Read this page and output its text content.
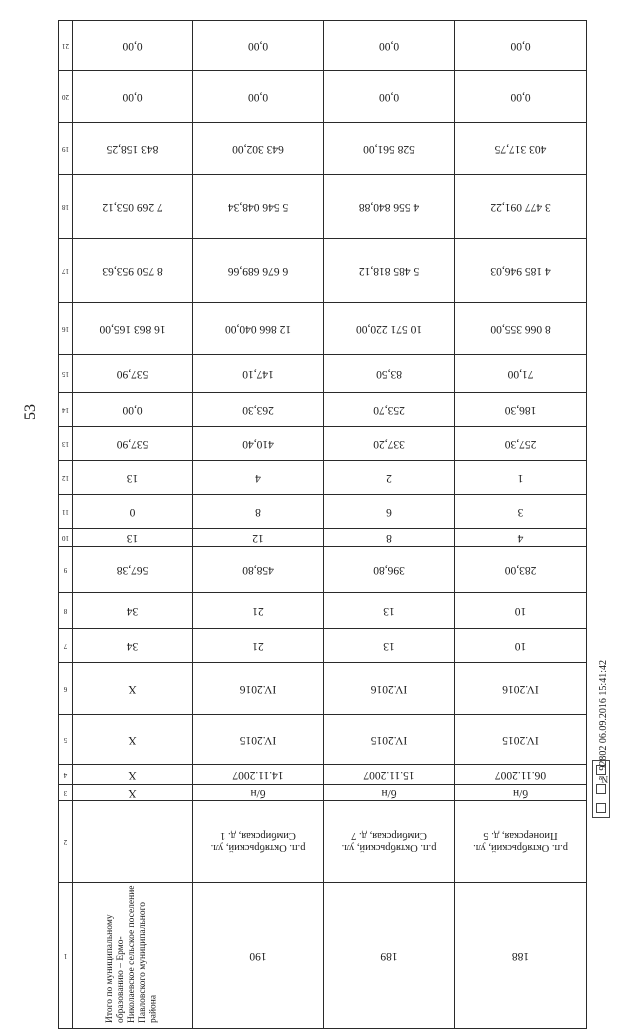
53
21	0,00	0,00	0,00	0,00

20	0,00	0,00	0,00	0,00

19	843 158,25	643 302,00	528 561,00	403 317,75

18	7 269 053,12	5 546 048,34	4 556 840,88	3 477 091,22

17	8 750 953,63	6 676 689,66	5 485 818,12	4 185 946,03

16	16 863 165,00	12 866 040,00	10 571 220,00	8 066 355,00

15	537,90	147,10	83,50	71,00

14	0,00	263,30	253,70	186,30

13	537,90	410,40	337,20	257,30

12	13	4	2	1

11	0	8	6	3

10	13	12	8	4

9	567,38	458,80	396,80	283,00

8	34	21	13	10

7	34	21	13	10

6	X	IV.2016	IV.2016	IV.2016

5	X	IV.2015	IV.2015	IV.2015

4	X	14.11.2007	15.11.2007	06.11.2007

3	X	б/н	б/н	б/н

2		р.п. Октябрьский, ул. Симбирская, д. 1	р.п. Октябрьский, ул. Симбирская, д. 7	р.п. Октябрьский, ул. Пионерская, д. 5

1	Итого по муниципальному образованию – Ермо-Николаевское сельское поселение Павловского муниципального района	190	189	188
№ 92802 06.09.2016 15:41:42
